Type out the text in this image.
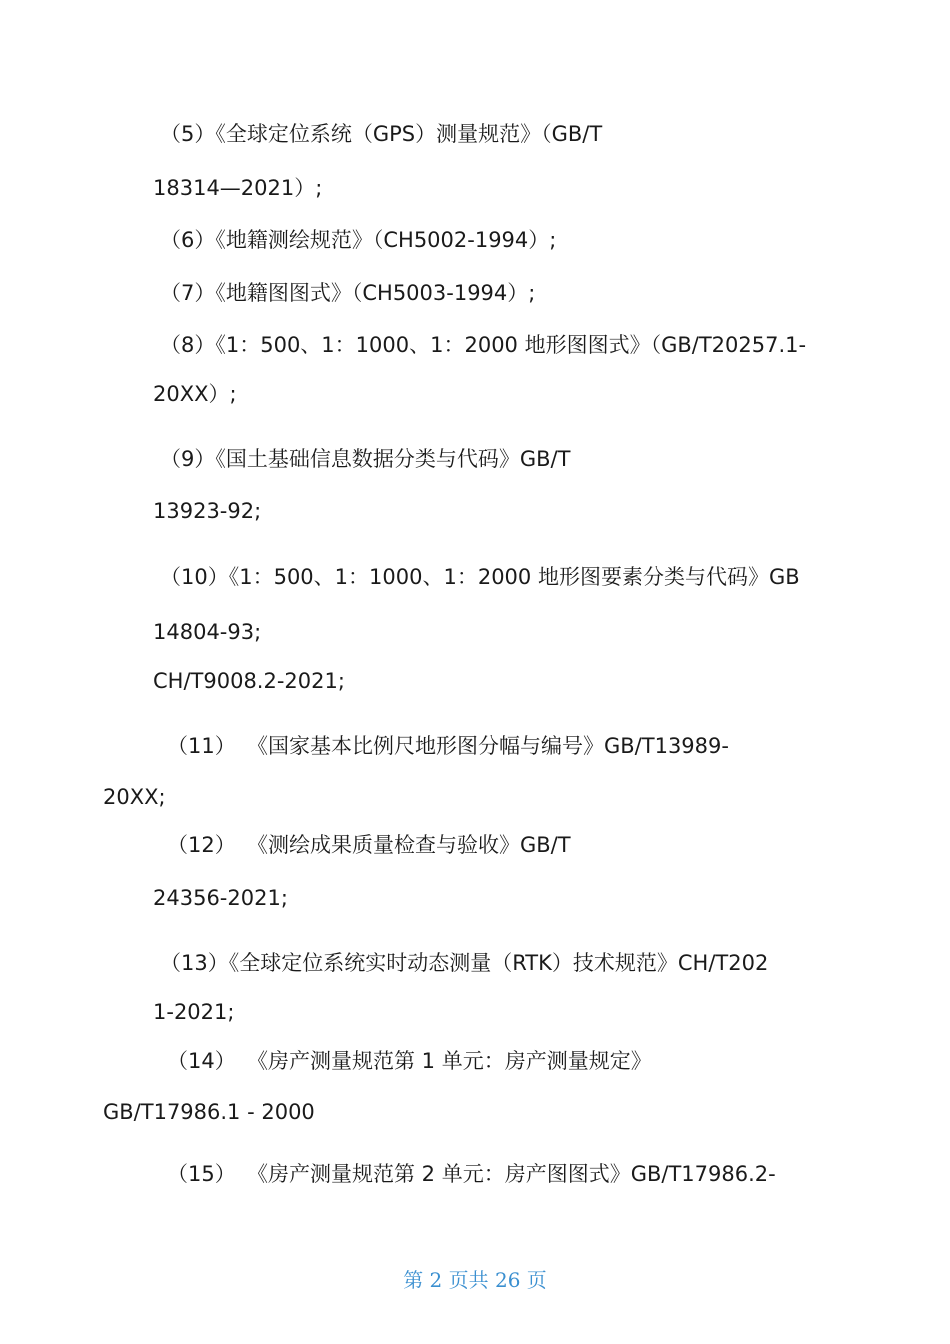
（5）《全球定位系统（GPS）测量规范》（GB/T

18314—2021）;

（6）《地籍测绘规范》（CH5002-1994）;

（7）《地籍图图式》（CH5003-1994）;

（8）《1：500、1：1000、1：2000 地形图图式》（GB/T20257.1-

20XX）;

（9）《国土基础信息数据分类与代码》GB/T

13923-92;

（10）《1：500、1：1000、1：2000 地形图要素分类与代码》GB

14804-93;

CH/T9008.2-2021;

（11） 《国家基本比例尺地形图分幅与编号》GB/T13989-

20XX;

（12） 《测绘成果质量检查与验收》GB/T

24356-2021;

（13）《全球定位系统实时动态测量（RTK）技术规范》CH/T202

1-2021;

（14） 《房产测量规范第 1 单元：房产测量规定》

GB/T17986.1 - 2000

（15） 《房产测量规范第 2 单元：房产图图式》GB/T17986.2-

第 2 页共 26 页
